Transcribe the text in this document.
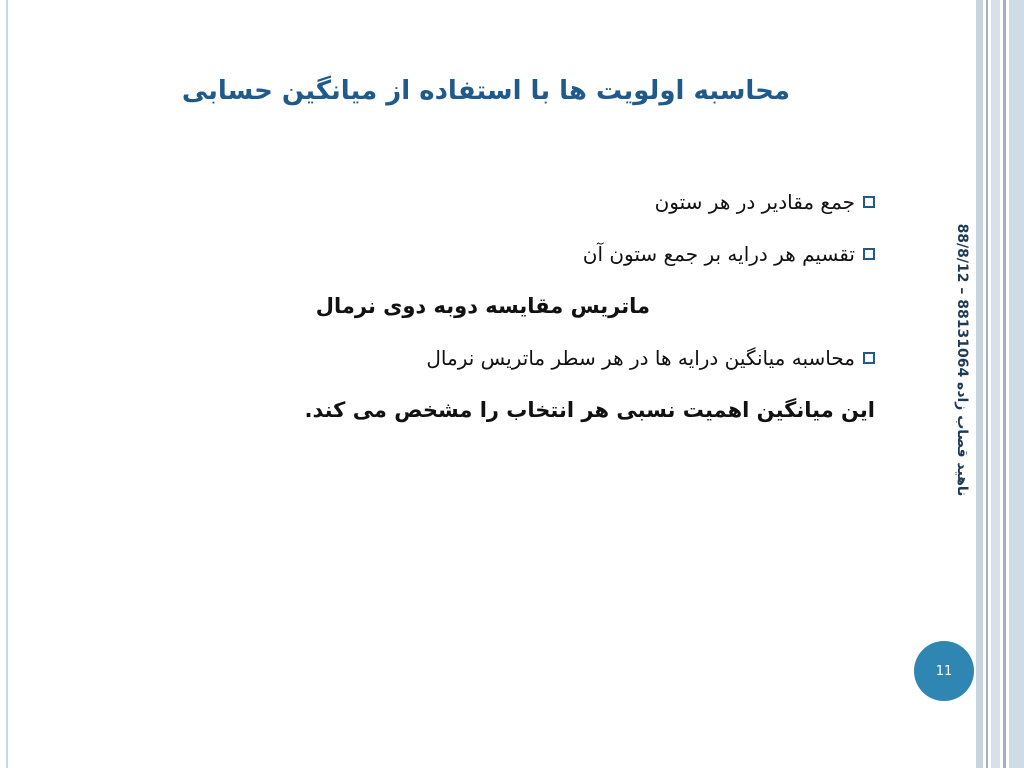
محاسبه اولویت ها با استفاده از میانگین حسابی
جمع مقادیر در هر ستون
تقسیم هر درایه بر جمع ستون آن
ماتریس مقایسه دوبه دوی نرمال
محاسبه میانگین درایه ها در هر سطر ماتریس نرمال
این میانگین اهمیت نسبی هر انتخاب را مشخص می کند.
ناهید قصاب زاده 88131064 – 88/8/12
11
